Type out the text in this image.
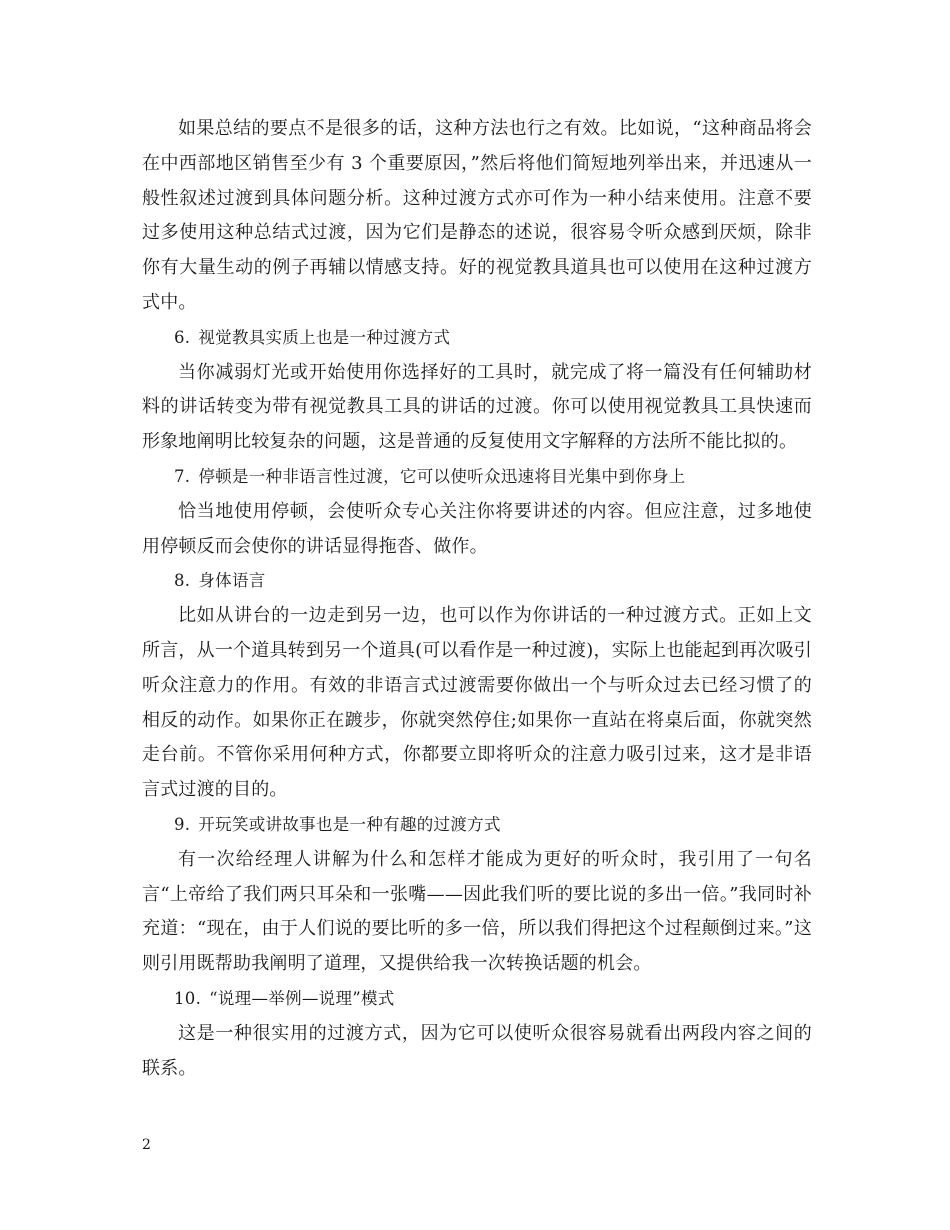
如果总结的要点不是很多的话，这种方法也行之有效。比如说，“这种商品将会在中西部地区销售至少有 3 个重要原因，”然后将他们简短地列举出来，并迅速从一般性叙述过渡到具体问题分析。这种过渡方式亦可作为一种小结来使用。注意不要过多使用这种总结式过渡，因为它们是静态的述说，很容易令听众感到厌烦，除非你有大量生动的例子再辅以情感支持。好的视觉教具道具也可以使用在这种过渡方式中。

6. 视觉教具实质上也是一种过渡方式

当你减弱灯光或开始使用你选择好的工具时，就完成了将一篇没有任何辅助材料的讲话转变为带有视觉教具工具的讲话的过渡。你可以使用视觉教具工具快速而形象地阐明比较复杂的问题，这是普通的反复使用文字解释的方法所不能比拟的。

7. 停顿是一种非语言性过渡，它可以使听众迅速将目光集中到你身上

恰当地使用停顿，会使听众专心关注你将要讲述的内容。但应注意，过多地使用停顿反而会使你的讲话显得拖沓、做作。

8. 身体语言

比如从讲台的一边走到另一边，也可以作为你讲话的一种过渡方式。正如上文所言，从一个道具转到另一个道具(可以看作是一种过渡)，实际上也能起到再次吸引听众注意力的作用。有效的非语言式过渡需要你做出一个与听众过去已经习惯了的相反的动作。如果你正在踱步，你就突然停住;如果你一直站在将桌后面，你就突然走台前。不管你采用何种方式，你都要立即将听众的注意力吸引过来，这才是非语言式过渡的目的。

9. 开玩笑或讲故事也是一种有趣的过渡方式

有一次给经理人讲解为什么和怎样才能成为更好的听众时，我引用了一句名言“上帝给了我们两只耳朵和一张嘴——因此我们听的要比说的多出一倍。”我同时补充道：“现在，由于人们说的要比听的多一倍，所以我们得把这个过程颠倒过来。”这则引用既帮助我阐明了道理，又提供给我一次转换话题的机会。

10. “说理—举例—说理”模式

这是一种很实用的过渡方式，因为它可以使听众很容易就看出两段内容之间的联系。

2
